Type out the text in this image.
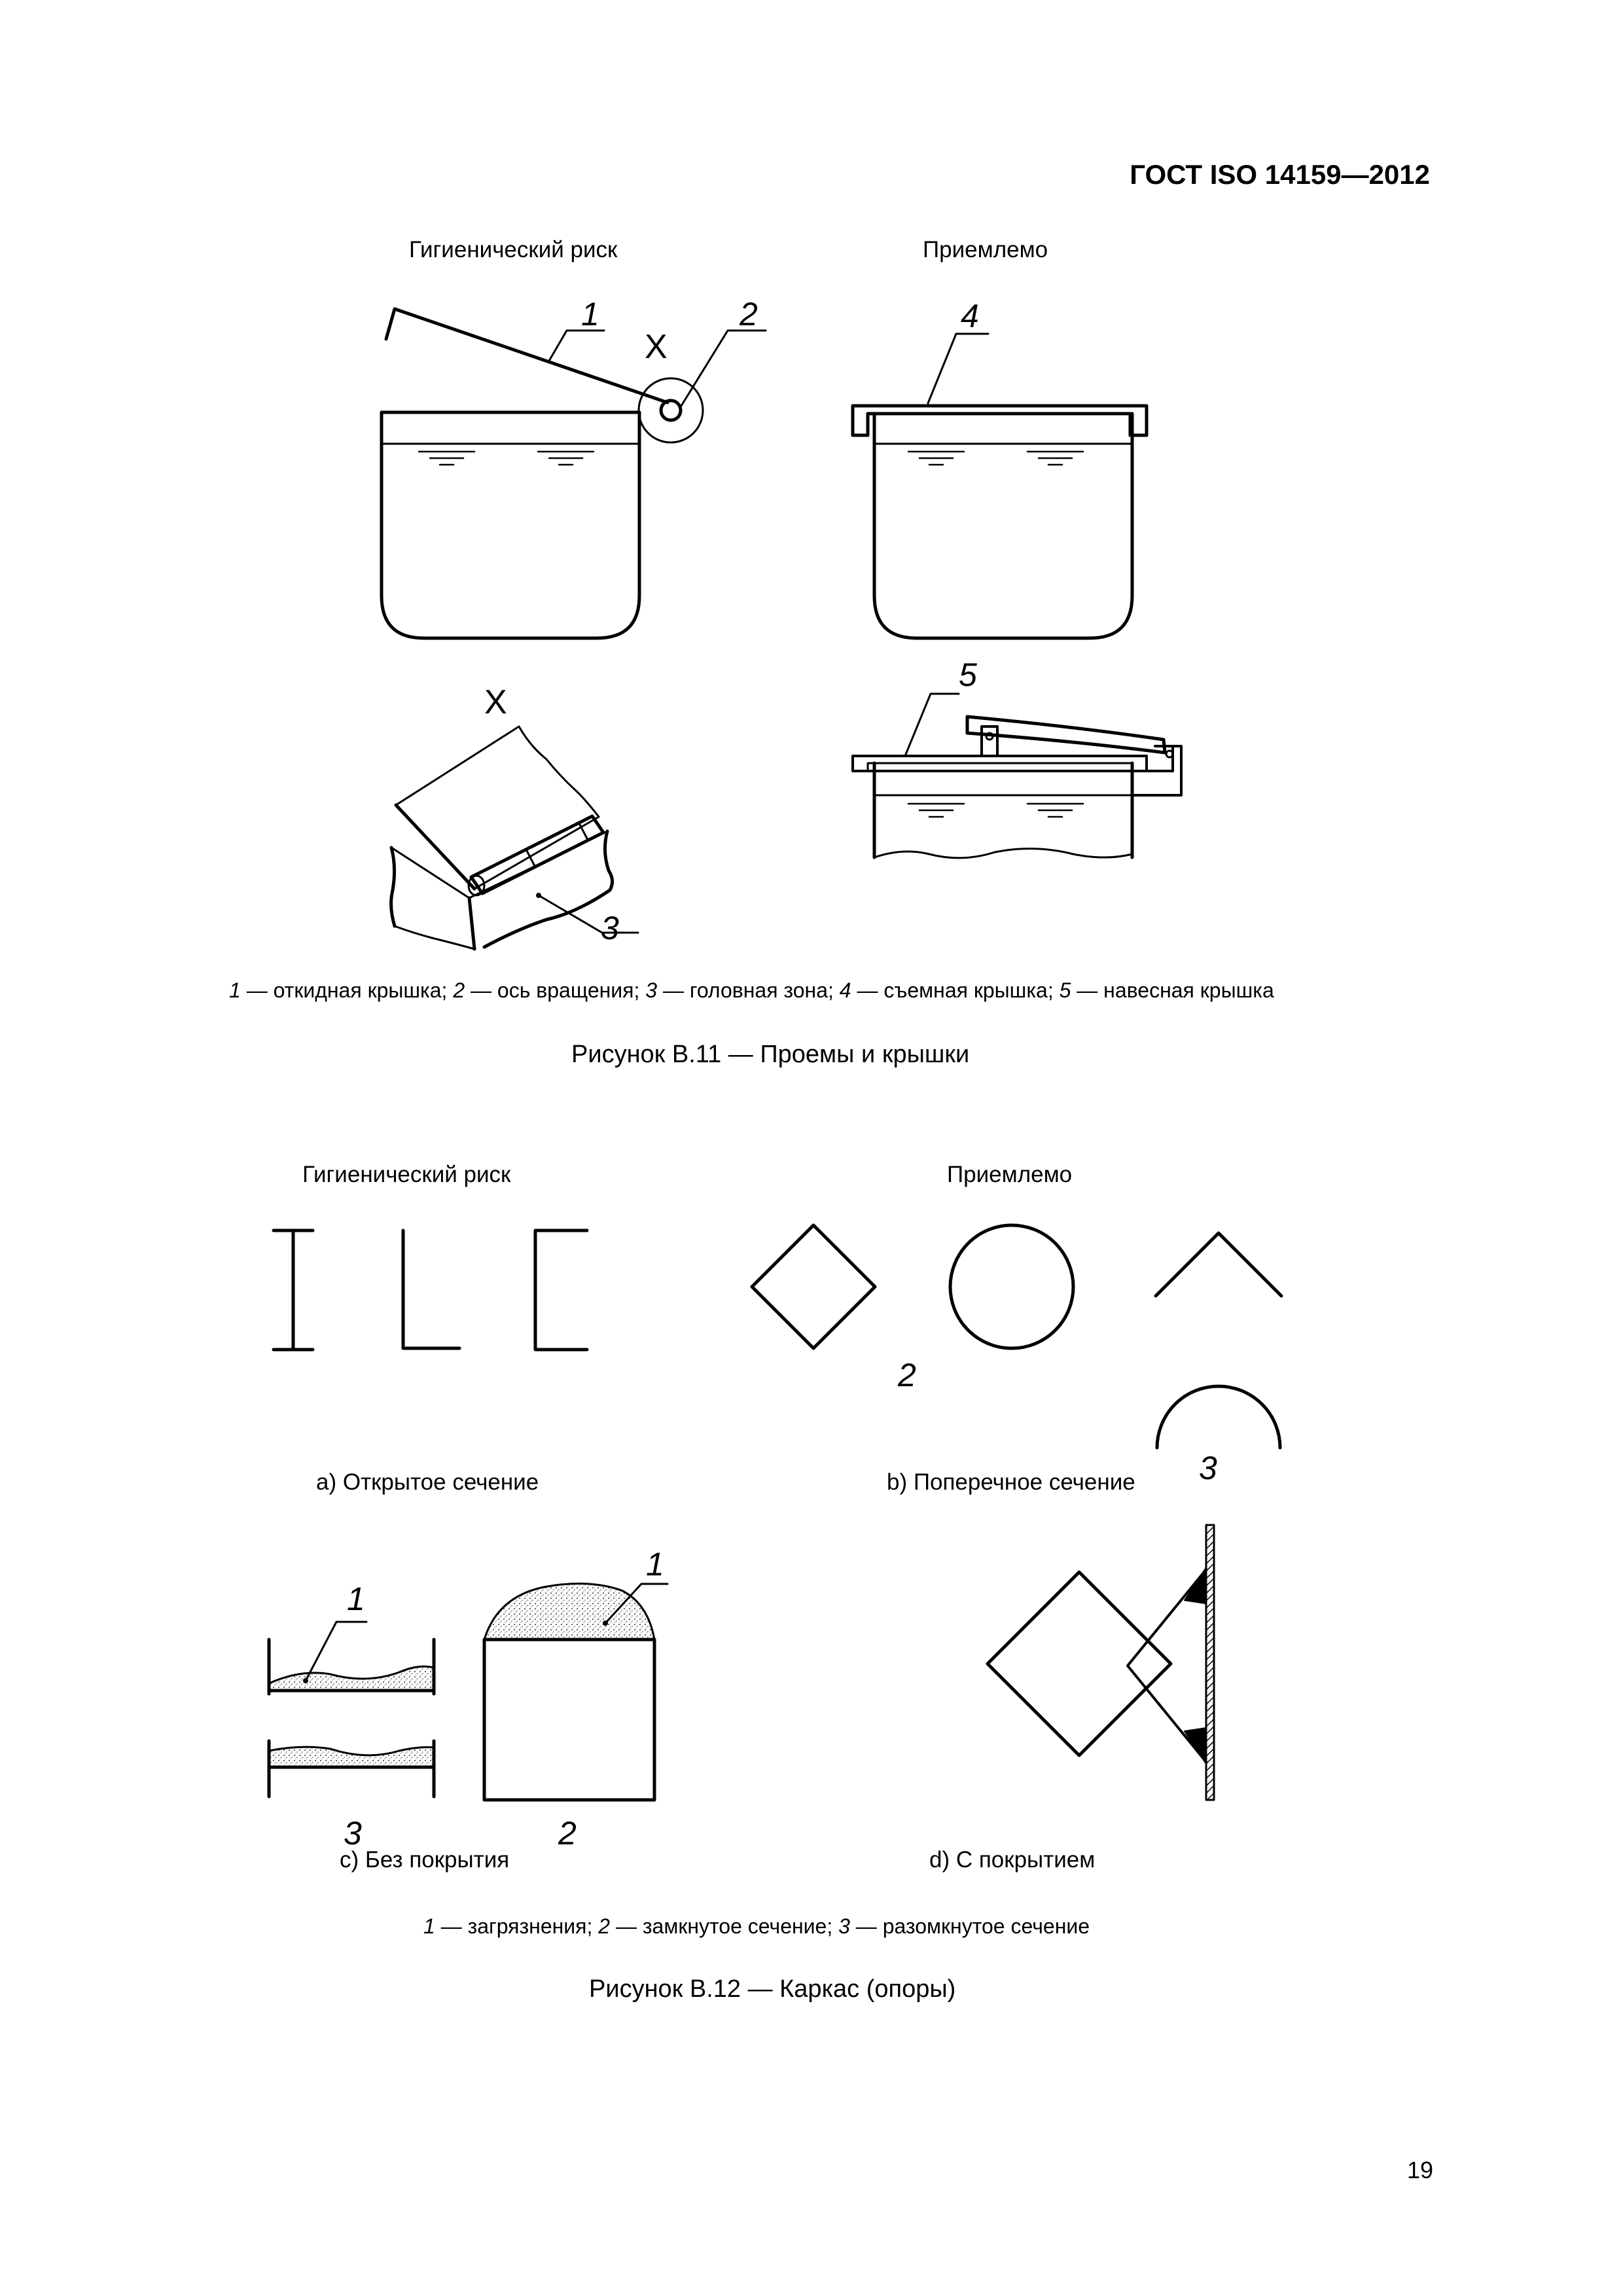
ГОСТ ISO 14159—2012
Гигиенический риск	Приемлемо
Гигиенический риск	Приемлемо
1	2
X
4
X
3
5
2
3
1
1
3	2
1 — откидная крышка; 2 — ось вращения; 3 — головная зона; 4 — съемная крышка; 5 — навесная крышка
Рисунок В.11 — Проемы и крышки
а) Открытое сечение	b) Поперечное сечение
с) Без покрытия	d) С покрытием
1 — загрязнения; 2 — замкнутое сечение; 3 — разомкнутое сечение
Рисунок В.12 — Каркас (опоры)
19
